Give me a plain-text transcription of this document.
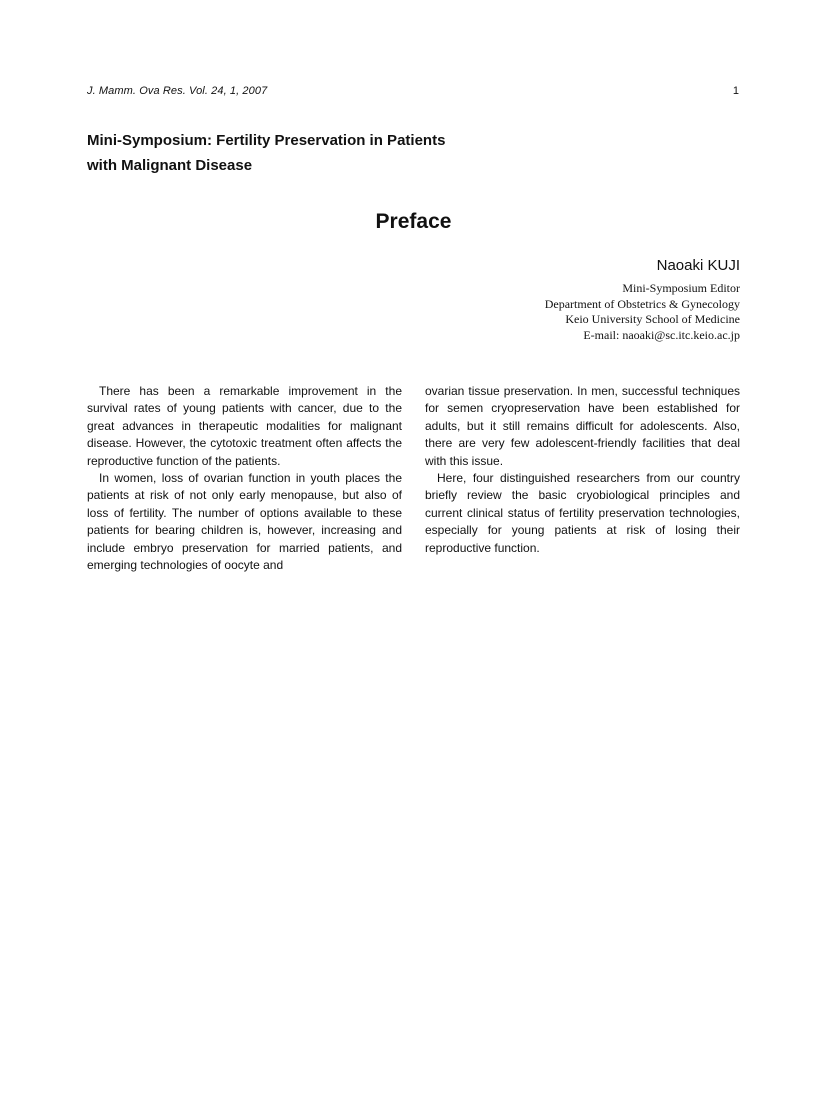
J. Mamm. Ova Res. Vol. 24, 1, 2007	1
Mini-Symposium: Fertility Preservation in Patients
with Malignant Disease
Preface
Naoaki KUJI
Mini-Symposium Editor
Department of Obstetrics & Gynecology
Keio University School of Medicine
E-mail: naoaki@sc.itc.keio.ac.jp

There has been a remarkable improvement in the survival rates of young patients with cancer, due to the great advances in therapeutic modalities for malignant disease. However, the cytotoxic treatment often affects the reproductive function of the patients.

In women, loss of ovarian function in youth places the patients at risk of not only early menopause, but also of loss of fertility. The number of options available to these patients for bearing children is, however, increasing and include embryo preservation for married patients, and emerging technologies of oocyte and

ovarian tissue preservation. In men, successful techniques for semen cryopreservation have been established for adults, but it still remains difficult for adolescents. Also, there are very few adolescent-friendly facilities that deal with this issue.

Here, four distinguished researchers from our country briefly review the basic cryobiological principles and current clinical status of fertility preservation technologies, especially for young patients at risk of losing their reproductive function.
